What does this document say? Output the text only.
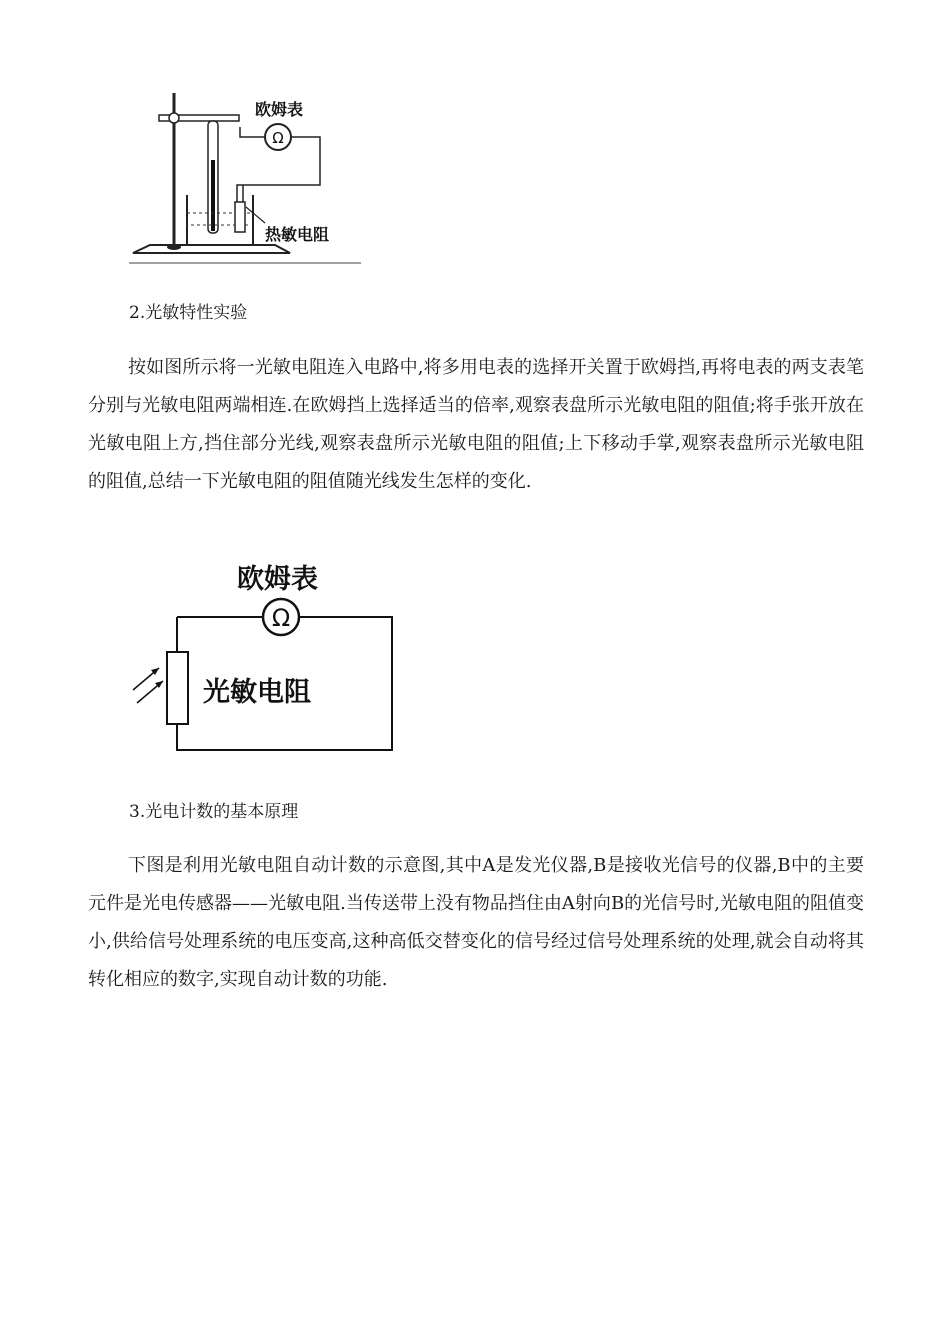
Ω
欧姆表
热敏电阻
2.光敏特性实验

按如图所示将一光敏电阻连入电路中,将多用电表的选择开关置于欧姆挡,再将电表的两支表笔分别与光敏电阻两端相连.在欧姆挡上选择适当的倍率,观察表盘所示光敏电阻的阻值;将手张开放在光敏电阻上方,挡住部分光线,观察表盘所示光敏电阻的阻值;上下移动手掌,观察表盘所示光敏电阻的阻值,总结一下光敏电阻的阻值随光线发生怎样的变化.

Ω
欧姆表
光敏电阻
3.光电计数的基本原理

下图是利用光敏电阻自动计数的示意图,其中A是发光仪器,B是接收光信号的仪器,B中的主要元件是光电传感器——光敏电阻.当传送带上没有物品挡住由A射向B的光信号时,光敏电阻的阻值变小,供给信号处理系统的电压变高,这种高低交替变化的信号经过信号处理系统的处理,就会自动将其转化相应的数字,实现自动计数的功能.
